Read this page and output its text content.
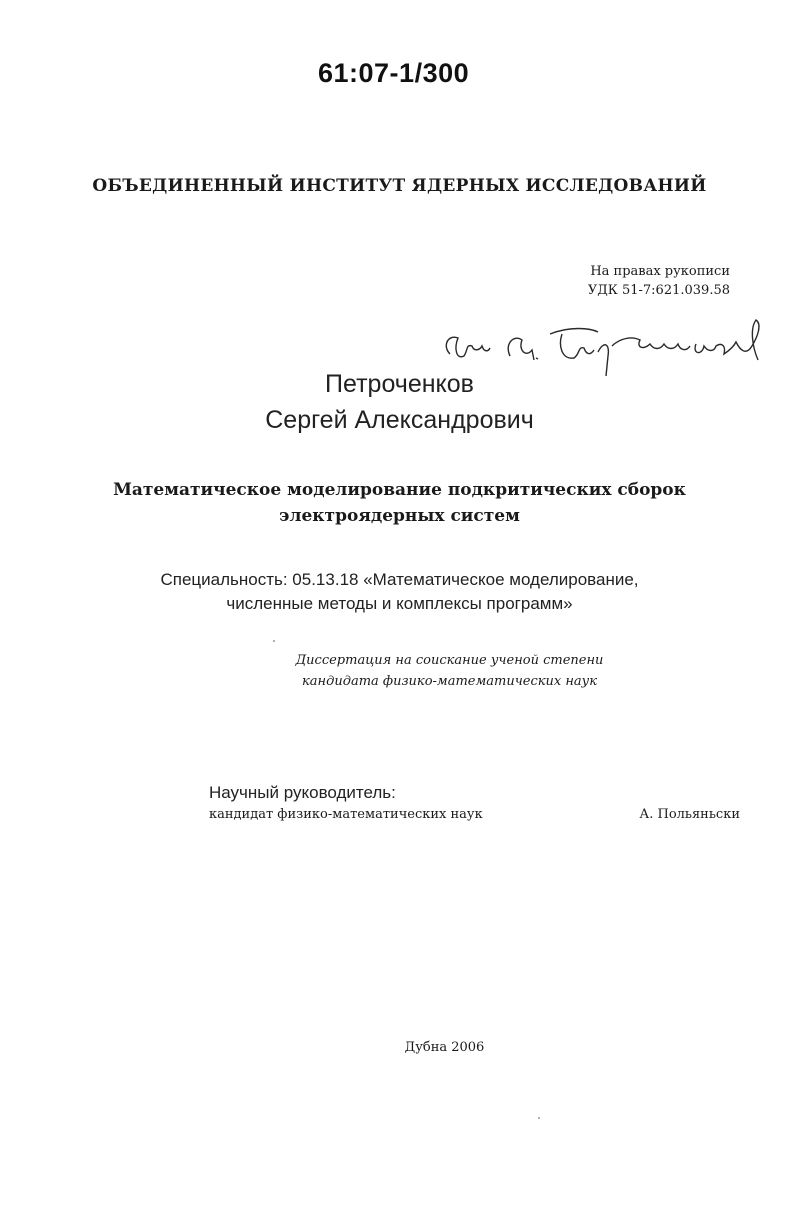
61:07-1/300
ОБЪЕДИНЕННЫЙ ИНСТИТУТ ЯДЕРНЫХ ИССЛЕДОВАНИЙ
На правах рукописи
УДК 51-7:621.039.58
Петроченков
Сергей Александрович
Математическое моделирование подкритических сборок
электроядерных систем
Специальность: 05.13.18 «Математическое моделирование,
численные методы и комплексы программ»
Диссертация на соискание ученой степени
кандидата физико-математических наук
Научный руководитель:
кандидат физико-математических наук	А. Польяньски
Дубна 2006
